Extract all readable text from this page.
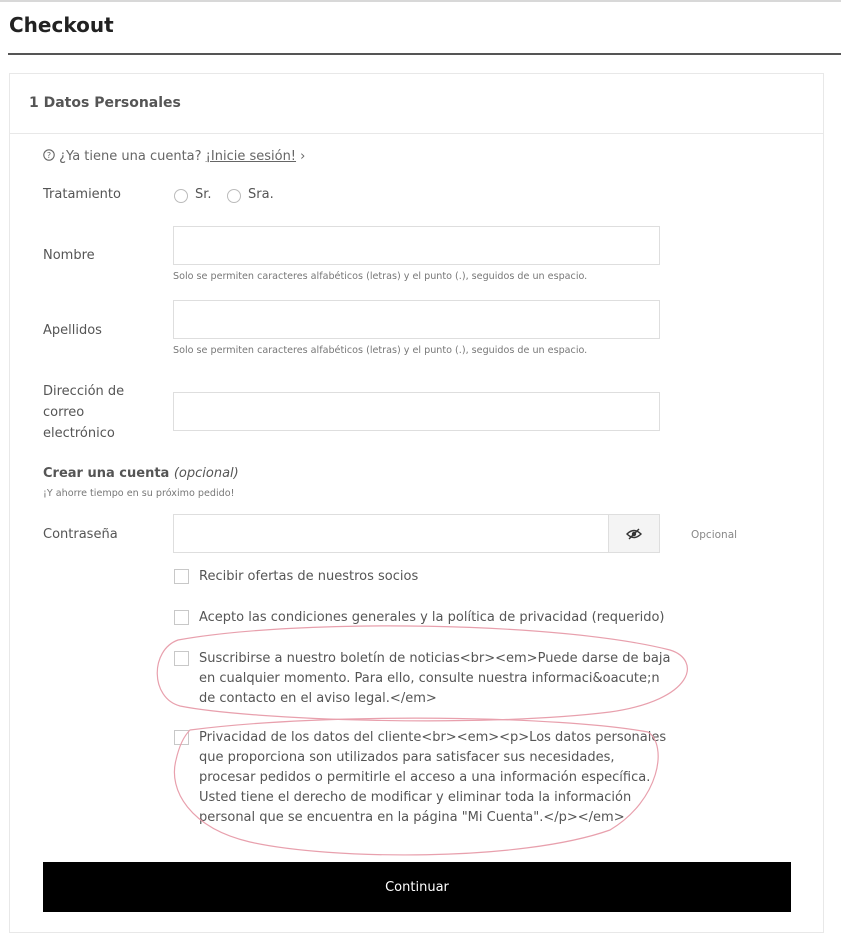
Checkout
1 Datos Personales
? ¿Ya tiene una cuenta? ¡Inicie sesión! ›
Tratamiento	Sr.	Sra.
Nombre
Solo se permiten caracteres alfabéticos (letras) y el punto (.), seguidos de un espacio.
Apellidos
Solo se permiten caracteres alfabéticos (letras) y el punto (.), seguidos de un espacio.
Dirección de
correo
electrónico
Crear una cuenta (opcional)
¡Y ahorre tiempo en su próximo pedido!
Contraseña	Opcional
Recibir ofertas de nuestros socios
Acepto las condiciones generales y la política de privacidad (requerido)
Suscribirse a nuestro boletín de noticias<br><em>Puede darse de baja
en cualquier momento. Para ello, consulte nuestra informaci&oacute;n
de contacto en el aviso legal.</em>
Privacidad de los datos del cliente<br><em><p>Los datos personales
que proporciona son utilizados para satisfacer sus necesidades,
procesar pedidos o permitirle el acceso a una información específica.
Usted tiene el derecho de modificar y eliminar toda la información
personal que se encuentra en la página "Mi Cuenta".</p></em>
Continuar
